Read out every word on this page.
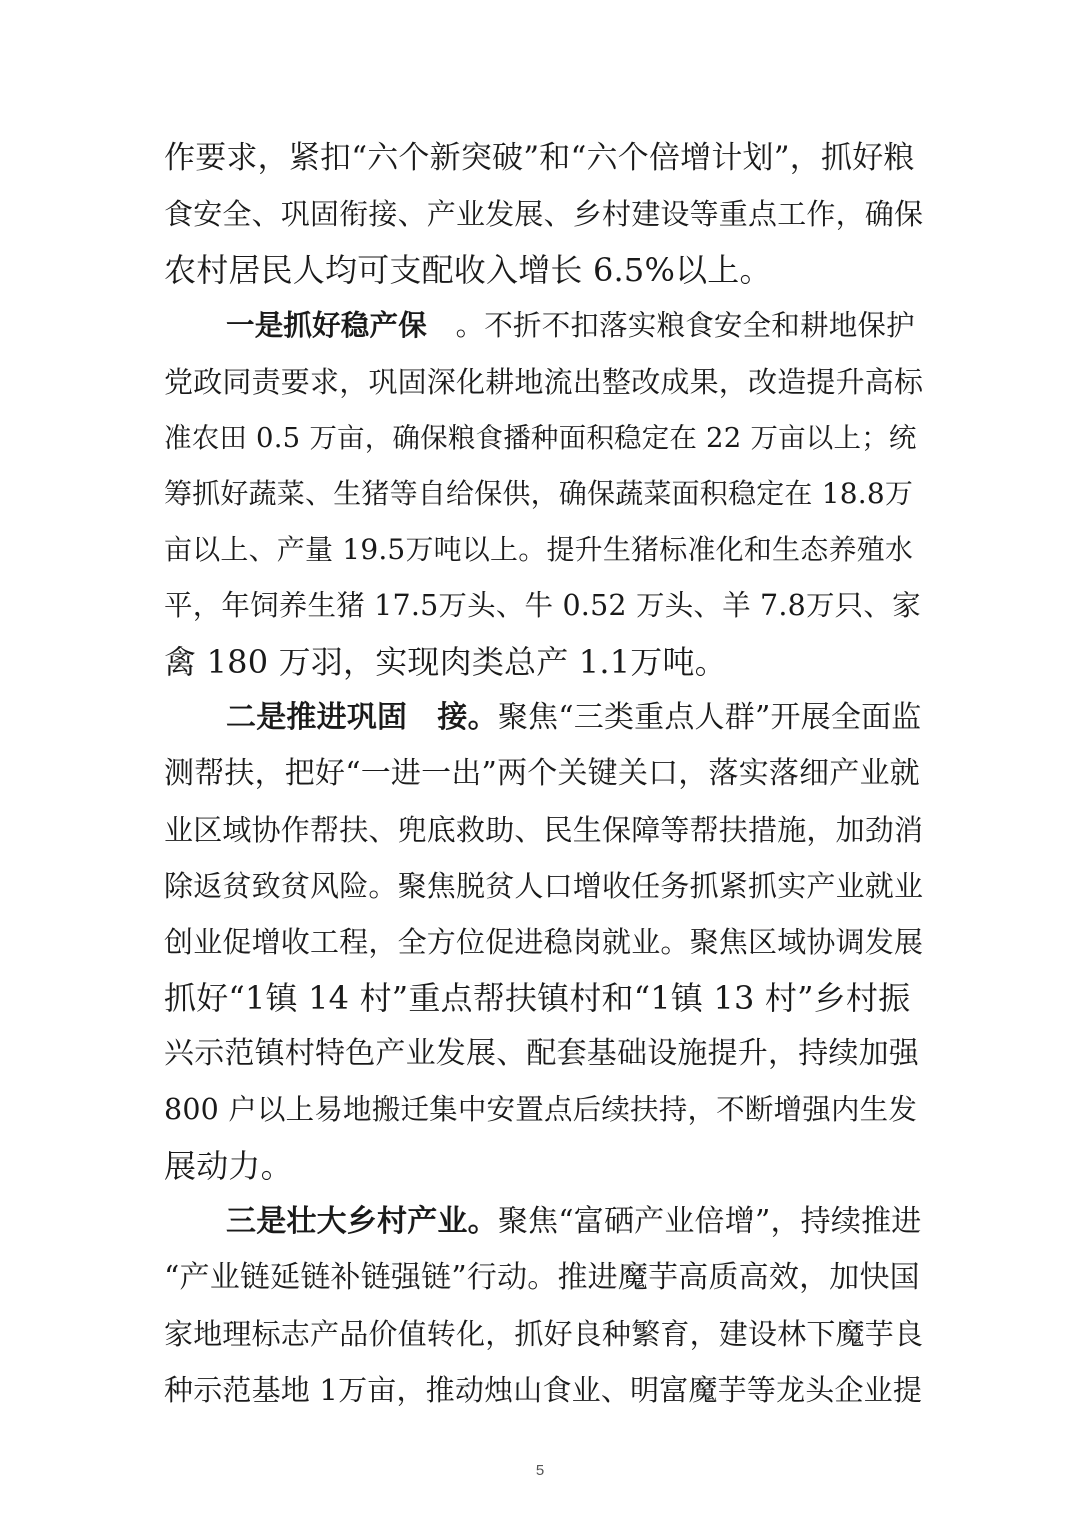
作要求，紧扣“六个新突破”和“六个倍增计划”，抓好粮
食安全、巩固衔接、产业发展、乡村建设等重点工作，确保
农村居民人均可支配收入增长 6.5%以上。
一是抓好稳产保　。不折不扣落实粮食安全和耕地保护
党政同责要求，巩固深化耕地流出整改成果，改造提升高标
准农田 0.5 万亩，确保粮食播种面积稳定在 22 万亩以上；统
筹抓好蔬菜、生猪等自给保供，确保蔬菜面积稳定在 18.8万
亩以上、产量 19.5万吨以上。提升生猪标准化和生态养殖水
平，年饲养生猪 17.5万头、牛 0.52 万头、羊 7.8万只、家
禽 180 万羽，实现肉类总产 1.1万吨。
二是推进巩固　接。聚焦“三类重点人群”开展全面监
测帮扶，把好“一进一出”两个关键关口，落实落细产业就
业区域协作帮扶、兜底救助、民生保障等帮扶措施，加劲消
除返贫致贫风险。聚焦脱贫人口增收任务抓紧抓实产业就业
创业促增收工程，全方位促进稳岗就业。聚焦区域协调发展
抓好“1镇 14 村”重点帮扶镇村和“1镇 13 村”乡村振
兴示范镇村特色产业发展、配套基础设施提升，持续加强
800 户以上易地搬迁集中安置点后续扶持，不断增强内生发
展动力。
三是壮大乡村产业。聚焦“富硒产业倍增”，持续推进
“产业链延链补链强链”行动。推进魔芋高质高效，加快国
家地理标志产品价值转化，抓好良种繁育，建设林下魔芋良
种示范基地 1万亩，推动烛山食业、明富魔芋等龙头企业提
5
